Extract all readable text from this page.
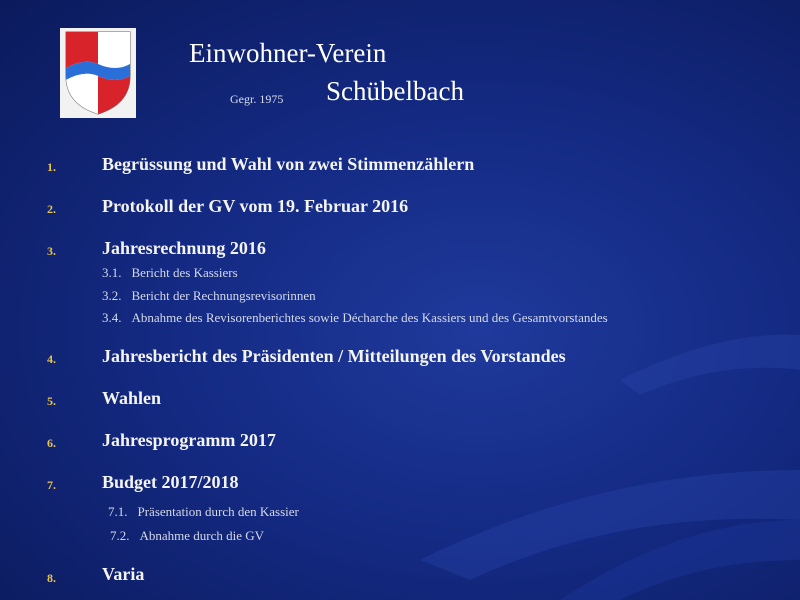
Einwohner-Verein
Gegr. 1975 Schübelbach
1.	Begrüssung und Wahl von zwei Stimmenzählern
2.	Protokoll der GV vom 19. Februar 2016
3.	Jahresrechnung 2016
3.1. Bericht des Kassiers
3.2. Bericht der Rechnungsrevisorinnen
3.4. Abnahme des Revisorenberichtes sowie Décharche des Kassiers und des Gesamtvorstandes
4.	Jahresbericht des Präsidenten / Mitteilungen des Vorstandes
5.	Wahlen
6.	Jahresprogramm 2017
7.	Budget 2017/2018
7.1. Präsentation durch den Kassier
7.2. Abnahme durch die GV
8.	Varia
